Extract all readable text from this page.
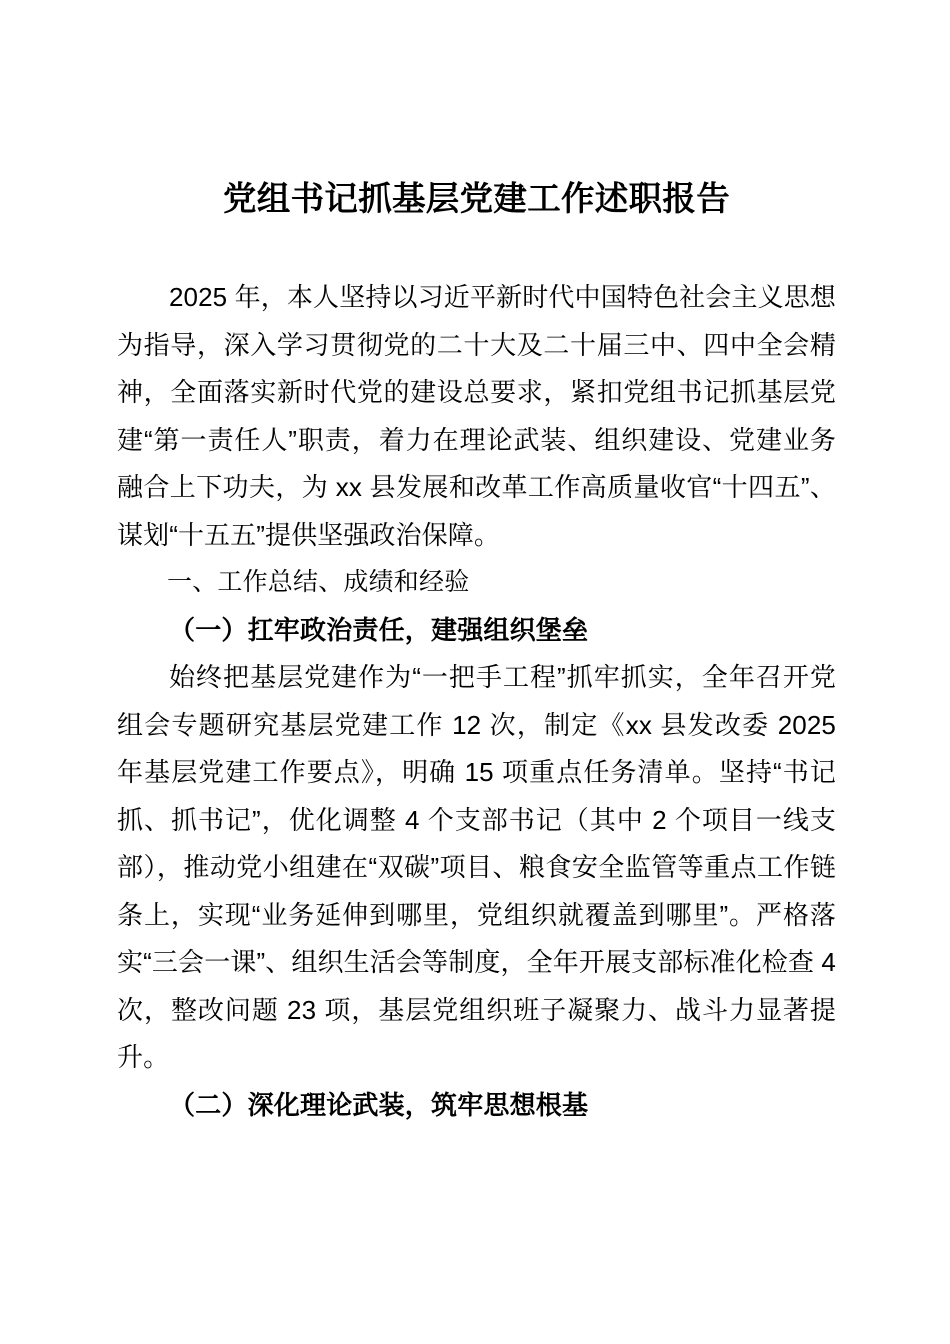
党组书记抓基层党建工作述职报告

2025 年，本人坚持以习近平新时代中国特色社会主义思想为指导，深入学习贯彻党的二十大及二十届三中、四中全会精神，全面落实新时代党的建设总要求，紧扣党组书记抓基层党建“第一责任人”职责，着力在理论武装、组织建设、党建业务融合上下功夫，为 xx 县发展和改革工作高质量收官“十四五”、谋划“十五五”提供坚强政治保障。

一、工作总结、成绩和经验

（一）扛牢政治责任，建强组织堡垒

始终把基层党建作为“一把手工程”抓牢抓实，全年召开党组会专题研究基层党建工作 12 次，制定《xx 县发改委 2025 年基层党建工作要点》，明确 15 项重点任务清单。坚持“书记抓、抓书记”，优化调整 4 个支部书记（其中 2 个项目一线支部），推动党小组建在“双碳”项目、粮食安全监管等重点工作链条上，实现“业务延伸到哪里，党组织就覆盖到哪里”。严格落实“三会一课”、组织生活会等制度，全年开展支部标准化检查 4 次，整改问题 23 项，基层党组织班子凝聚力、战斗力显著提升。

（二）深化理论武装，筑牢思想根基
